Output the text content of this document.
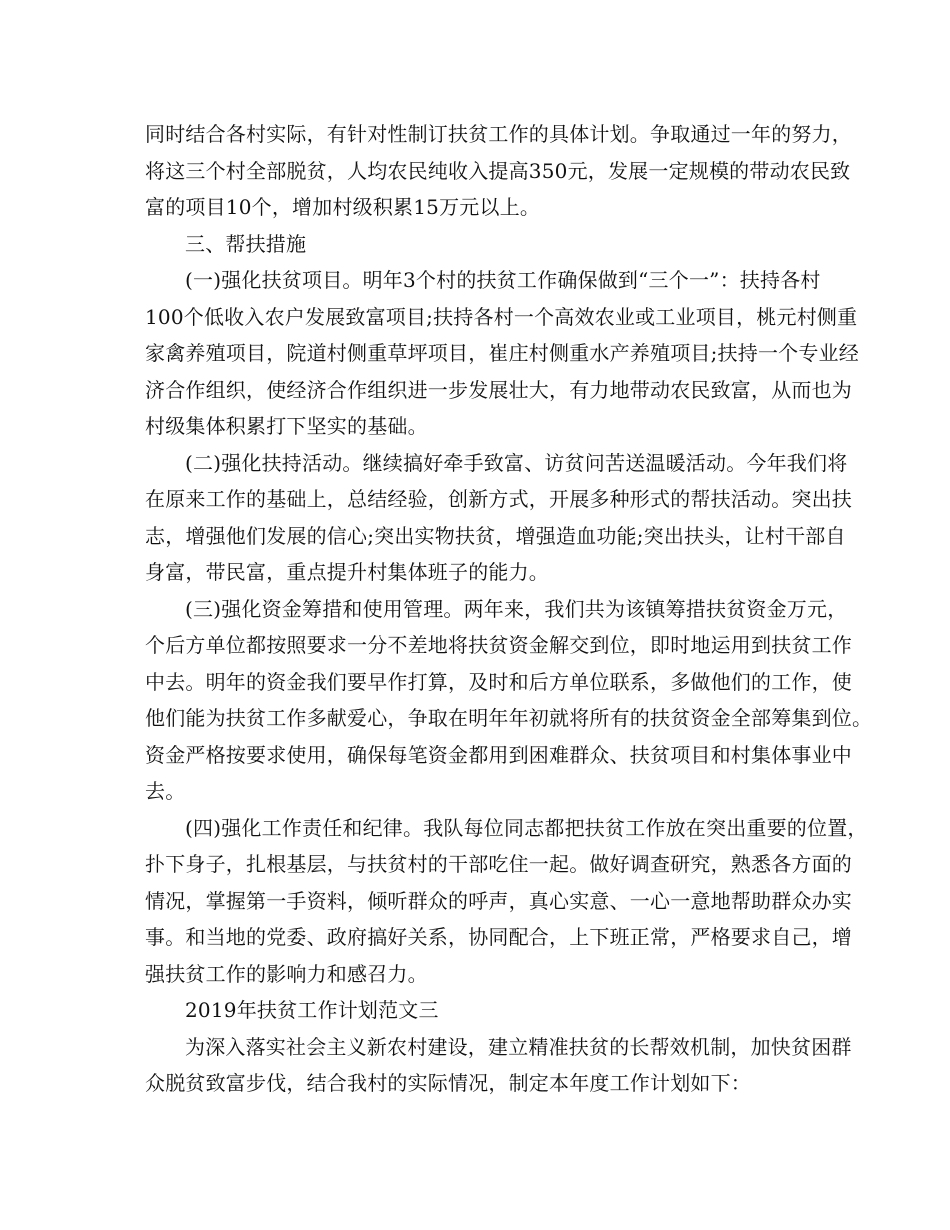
同时结合各村实际，有针对性制订扶贫工作的具体计划。争取通过一年的努力，
将这三个村全部脱贫，人均农民纯收入提高350元，发展一定规模的带动农民致
富的项目10个，增加村级积累15万元以上。
三、帮扶措施
(一)强化扶贫项目。明年3个村的扶贫工作确保做到“三个一”：扶持各村
100个低收入农户发展致富项目;扶持各村一个高效农业或工业项目，桃元村侧重
家禽养殖项目，院道村侧重草坪项目，崔庄村侧重水产养殖项目;扶持一个专业经
济合作组织，使经济合作组织进一步发展壮大，有力地带动农民致富，从而也为
村级集体积累打下坚实的基础。
(二)强化扶持活动。继续搞好牵手致富、访贫问苦送温暖活动。今年我们将
在原来工作的基础上，总结经验，创新方式，开展多种形式的帮扶活动。突出扶
志，增强他们发展的信心;突出实物扶贫，增强造血功能;突出扶头，让村干部自
身富，带民富，重点提升村集体班子的能力。
(三)强化资金筹措和使用管理。两年来，我们共为该镇筹措扶贫资金万元，
个后方单位都按照要求一分不差地将扶贫资金解交到位，即时地运用到扶贫工作
中去。明年的资金我们要早作打算，及时和后方单位联系，多做他们的工作，使
他们能为扶贫工作多献爱心，争取在明年年初就将所有的扶贫资金全部筹集到位。
资金严格按要求使用，确保每笔资金都用到困难群众、扶贫项目和村集体事业中
去。
(四)强化工作责任和纪律。我队每位同志都把扶贫工作放在突出重要的位置，
扑下身子，扎根基层，与扶贫村的干部吃住一起。做好调查研究，熟悉各方面的
情况，掌握第一手资料，倾听群众的呼声，真心实意、一心一意地帮助群众办实
事。和当地的党委、政府搞好关系，协同配合，上下班正常，严格要求自己，增
强扶贫工作的影响力和感召力。
2019年扶贫工作计划范文三
为深入落实社会主义新农村建设，建立精准扶贫的长帮效机制，加快贫困群
众脱贫致富步伐，结合我村的实际情况，制定本年度工作计划如下：
